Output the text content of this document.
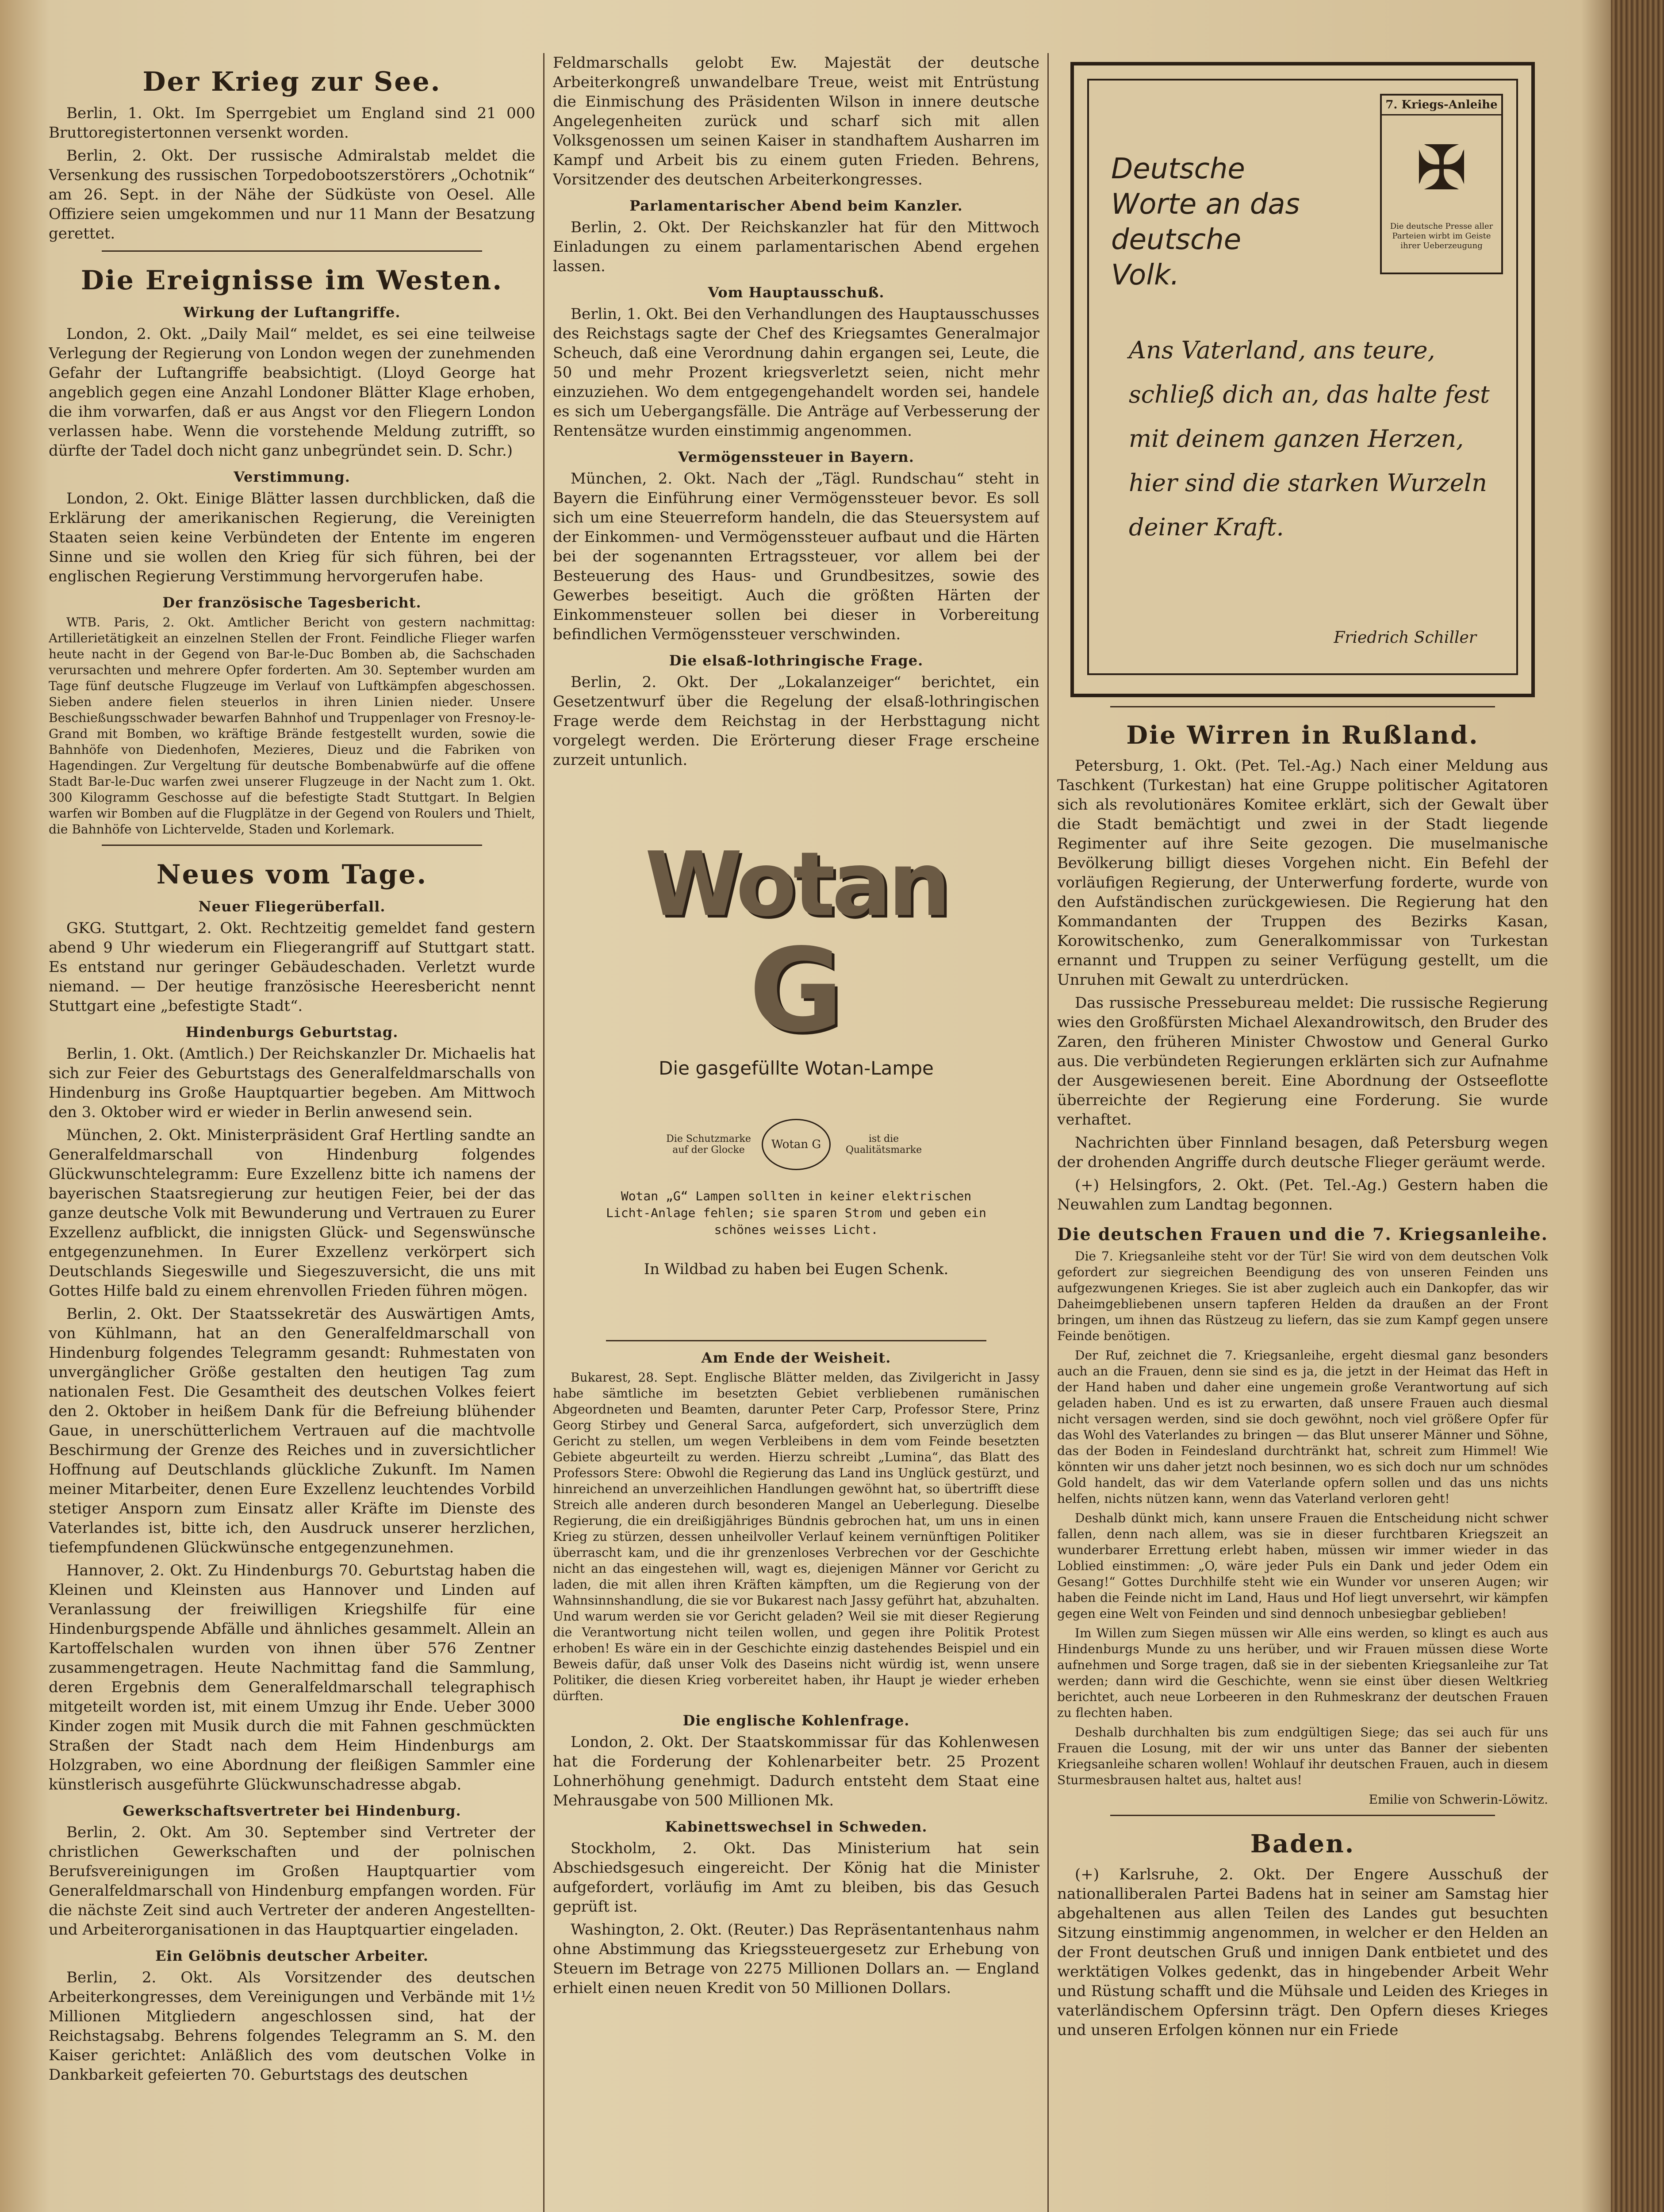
Der Krieg zur See.

Berlin, 1. Okt. Im Sperrgebiet um England sind 21 000 Bruttoregistertonnen versenkt worden.

Berlin, 2. Okt. Der russische Admiralstab meldet die Versenkung des russischen Torpedobootszerstörers „Ochotnik“ am 26. Sept. in der Nähe der Südküste von Oesel. Alle Offiziere seien umgekommen und nur 11 Mann der Besatzung gerettet.

Die Ereignisse im Westen.
Wirkung der Luftangriffe.

London, 2. Okt. „Daily Mail“ meldet, es sei eine teilweise Verlegung der Regierung von London wegen der zunehmenden Gefahr der Luftangriffe beabsichtigt. (Lloyd George hat angeblich gegen eine Anzahl Londoner Blätter Klage erhoben, die ihm vorwarfen, daß er aus Angst vor den Fliegern London verlassen habe. Wenn die vorstehende Meldung zutrifft, so dürfte der Tadel doch nicht ganz unbegründet sein. D. Schr.)

Verstimmung.

London, 2. Okt. Einige Blätter lassen durchblicken, daß die Erklärung der amerikanischen Regierung, die Vereinigten Staaten seien keine Verbündeten der Entente im engeren Sinne und sie wollen den Krieg für sich führen, bei der englischen Regierung Verstimmung hervorgerufen habe.

Der französische Tagesbericht.

WTB. Paris, 2. Okt. Amtlicher Bericht von gestern nachmittag: Artillerietätigkeit an einzelnen Stellen der Front. Feindliche Flieger warfen heute nacht in der Gegend von Bar-le-Duc Bomben ab, die Sachschaden verursachten und mehrere Opfer forderten. Am 30. September wurden am Tage fünf deutsche Flugzeuge im Verlauf von Luftkämpfen abgeschossen. Sieben andere fielen steuerlos in ihren Linien nieder. Unsere Beschießungsschwader bewarfen Bahnhof und Truppenlager von Fresnoy-le-Grand mit Bomben, wo kräftige Brände festgestellt wurden, sowie die Bahnhöfe von Diedenhofen, Mezieres, Dieuz und die Fabriken von Hagendingen. Zur Vergeltung für deutsche Bombenabwürfe auf die offene Stadt Bar-le-Duc warfen zwei unserer Flugzeuge in der Nacht zum 1. Okt. 300 Kilogramm Geschosse auf die befestigte Stadt Stuttgart. In Belgien warfen wir Bomben auf die Flugplätze in der Gegend von Roulers und Thielt, die Bahnhöfe von Lichtervelde, Staden und Korlemark.

Neues vom Tage.
Neuer Fliegerüberfall.

GKG. Stuttgart, 2. Okt. Rechtzeitig gemeldet fand gestern abend 9 Uhr wiederum ein Fliegerangriff auf Stuttgart statt. Es entstand nur geringer Gebäudeschaden. Verletzt wurde niemand. — Der heutige französische Heeresbericht nennt Stuttgart eine „befestigte Stadt“.

Hindenburgs Geburtstag.

Berlin, 1. Okt. (Amtlich.) Der Reichskanzler Dr. Michaelis hat sich zur Feier des Geburtstags des Generalfeldmarschalls von Hindenburg ins Große Hauptquartier begeben. Am Mittwoch den 3. Oktober wird er wieder in Berlin anwesend sein.

München, 2. Okt. Ministerpräsident Graf Hertling sandte an Generalfeldmarschall von Hindenburg folgendes Glückwunschtelegramm: Eure Exzellenz bitte ich namens der bayerischen Staatsregierung zur heutigen Feier, bei der das ganze deutsche Volk mit Bewunderung und Vertrauen zu Eurer Exzellenz aufblickt, die innigsten Glück- und Segenswünsche entgegenzunehmen. In Eurer Exzellenz verkörpert sich Deutschlands Siegeswille und Siegeszuversicht, die uns mit Gottes Hilfe bald zu einem ehrenvollen Frieden führen mögen.

Berlin, 2. Okt. Der Staatssekretär des Auswärtigen Amts, von Kühlmann, hat an den Generalfeldmarschall von Hindenburg folgendes Telegramm gesandt: Ruhmestaten von unvergänglicher Größe gestalten den heutigen Tag zum nationalen Fest. Die Gesamtheit des deutschen Volkes feiert den 2. Oktober in heißem Dank für die Befreiung blühender Gaue, in unerschütterlichem Vertrauen auf die machtvolle Beschirmung der Grenze des Reiches und in zuversichtlicher Hoffnung auf Deutschlands glückliche Zukunft. Im Namen meiner Mitarbeiter, denen Eure Exzellenz leuchtendes Vorbild stetiger Ansporn zum Einsatz aller Kräfte im Dienste des Vaterlandes ist, bitte ich, den Ausdruck unserer herzlichen, tiefempfundenen Glückwünsche entgegenzunehmen.

Hannover, 2. Okt. Zu Hindenburgs 70. Geburtstag haben die Kleinen und Kleinsten aus Hannover und Linden auf Veranlassung der freiwilligen Kriegshilfe für eine Hindenburgspende Abfälle und ähnliches gesammelt. Allein an Kartoffelschalen wurden von ihnen über 576 Zentner zusammengetragen. Heute Nachmittag fand die Sammlung, deren Ergebnis dem Generalfeldmarschall telegraphisch mitgeteilt worden ist, mit einem Umzug ihr Ende. Ueber 3000 Kinder zogen mit Musik durch die mit Fahnen geschmückten Straßen der Stadt nach dem Heim Hindenburgs am Holzgraben, wo eine Abordnung der fleißigen Sammler eine künstlerisch ausgeführte Glückwunschadresse abgab.

Gewerkschaftsvertreter bei Hindenburg.

Berlin, 2. Okt. Am 30. September sind Vertreter der christlichen Gewerkschaften und der polnischen Berufsvereinigungen im Großen Hauptquartier vom Generalfeldmarschall von Hindenburg empfangen worden. Für die nächste Zeit sind auch Vertreter der anderen Angestellten- und Arbeiterorganisationen in das Hauptquartier eingeladen.

Ein Gelöbnis deutscher Arbeiter.

Berlin, 2. Okt. Als Vorsitzender des deutschen Arbeiterkongresses, dem Vereinigungen und Verbände mit 1½ Millionen Mitgliedern angeschlossen sind, hat der Reichstagsabg. Behrens folgendes Telegramm an S. M. den Kaiser gerichtet: Anläßlich des vom deutschen Volke in Dankbarkeit gefeierten 70. Geburtstags des deutschen

Feldmarschalls gelobt Ew. Majestät der deutsche Arbeiterkongreß unwandelbare Treue, weist mit Entrüstung die Einmischung des Präsidenten Wilson in innere deutsche Angelegenheiten zurück und scharf sich mit allen Volksgenossen um seinen Kaiser in standhaftem Ausharren im Kampf und Arbeit bis zu einem guten Frieden. Behrens, Vorsitzender des deutschen Arbeiterkongresses.

Parlamentarischer Abend beim Kanzler.

Berlin, 2. Okt. Der Reichskanzler hat für den Mittwoch Einladungen zu einem parlamentarischen Abend ergehen lassen.

Vom Hauptausschuß.

Berlin, 1. Okt. Bei den Verhandlungen des Hauptausschusses des Reichstags sagte der Chef des Kriegsamtes Generalmajor Scheuch, daß eine Verordnung dahin ergangen sei, Leute, die 50 und mehr Prozent kriegsverletzt seien, nicht mehr einzuziehen. Wo dem entgegengehandelt worden sei, handele es sich um Uebergangsfälle. Die Anträge auf Verbesserung der Rentensätze wurden einstimmig angenommen.

Vermögenssteuer in Bayern.

München, 2. Okt. Nach der „Tägl. Rundschau“ steht in Bayern die Einführung einer Vermögenssteuer bevor. Es soll sich um eine Steuerreform handeln, die das Steuersystem auf der Einkommen- und Vermögenssteuer aufbaut und die Härten bei der sogenannten Ertragssteuer, vor allem bei der Besteuerung des Haus- und Grundbesitzes, sowie des Gewerbes beseitigt. Auch die größten Härten der Einkommensteuer sollen bei dieser in Vorbereitung befindlichen Vermögenssteuer verschwinden.

Die elsaß-lothringische Frage.

Berlin, 2. Okt. Der „Lokalanzeiger“ berichtet, ein Gesetzentwurf über die Regelung der elsaß-lothringischen Frage werde dem Reichstag in der Herbsttagung nicht vorgelegt werden. Die Erörterung dieser Frage erscheine zurzeit untunlich.

Wotan
G
Die gasgefüllte Wotan-Lampe
Die Schutzmarke auf der Glocke	Wotan G	ist die Qualitätsmarke
Wotan „G“ Lampen sollten in keiner elektrischen Licht-Anlage fehlen; sie sparen Strom und geben ein schönes weisses Licht.
In Wildbad zu haben bei Eugen Schenk.
Am Ende der Weisheit.

Bukarest, 28. Sept. Englische Blätter melden, das Zivilgericht in Jassy habe sämtliche im besetzten Gebiet verbliebenen rumänischen Abgeordneten und Beamten, darunter Peter Carp, Professor Stere, Prinz Georg Stirbey und General Sarca, aufgefordert, sich unverzüglich dem Gericht zu stellen, um wegen Verbleibens in dem vom Feinde besetzten Gebiete abgeurteilt zu werden. Hierzu schreibt „Lumina“, das Blatt des Professors Stere: Obwohl die Regierung das Land ins Unglück gestürzt, und hinreichend an unverzeihlichen Handlungen gewöhnt hat, so übertrifft diese Streich alle anderen durch besonderen Mangel an Ueberlegung. Dieselbe Regierung, die ein dreißigjähriges Bündnis gebrochen hat, um uns in einen Krieg zu stürzen, dessen unheilvoller Verlauf keinem vernünftigen Politiker überrascht kam, und die ihr grenzenloses Verbrechen vor der Geschichte nicht an das eingestehen will, wagt es, diejenigen Männer vor Gericht zu laden, die mit allen ihren Kräften kämpften, um die Regierung von der Wahnsinnshandlung, die sie vor Bukarest nach Jassy geführt hat, abzuhalten. Und warum werden sie vor Gericht geladen? Weil sie mit dieser Regierung die Verantwortung nicht teilen wollen, und gegen ihre Politik Protest erhoben! Es wäre ein in der Geschichte einzig dastehendes Beispiel und ein Beweis dafür, daß unser Volk des Daseins nicht würdig ist, wenn unsere Politiker, die diesen Krieg vorbereitet haben, ihr Haupt je wieder erheben dürften.

Die englische Kohlenfrage.

London, 2. Okt. Der Staatskommissar für das Kohlenwesen hat die Forderung der Kohlenarbeiter betr. 25 Prozent Lohnerhöhung genehmigt. Dadurch entsteht dem Staat eine Mehrausgabe von 500 Millionen Mk.

Kabinettswechsel in Schweden.

Stockholm, 2. Okt. Das Ministerium hat sein Abschiedsgesuch eingereicht. Der König hat die Minister aufgefordert, vorläufig im Amt zu bleiben, bis das Gesuch geprüft ist.

Washington, 2. Okt. (Reuter.) Das Repräsentantenhaus nahm ohne Abstimmung das Kriegssteuergesetz zur Erhebung von Steuern im Betrage von 2275 Millionen Dollars an. — England erhielt einen neuen Kredit von 50 Millionen Dollars.

7. Kriegs-Anleihe
✠
Die deutsche Presse aller Parteien wirbt im Geiste ihrer Ueberzeugung
Deutsche Worte an das deutsche Volk.
Ans Vaterland, ans teure, schließ dich an, das halte fest mit deinem ganzen Herzen, hier sind die starken Wurzeln deiner Kraft.
Friedrich Schiller
Die Wirren in Rußland.

Petersburg, 1. Okt. (Pet. Tel.-Ag.) Nach einer Meldung aus Taschkent (Turkestan) hat eine Gruppe politischer Agitatoren sich als revolutionäres Komitee erklärt, sich der Gewalt über die Stadt bemächtigt und zwei in der Stadt liegende Regimenter auf ihre Seite gezogen. Die muselmanische Bevölkerung billigt dieses Vorgehen nicht. Ein Befehl der vorläufigen Regierung, der Unterwerfung forderte, wurde von den Aufständischen zurückgewiesen. Die Regierung hat den Kommandanten der Truppen des Bezirks Kasan, Korowitschenko, zum Generalkommissar von Turkestan ernannt und Truppen zu seiner Verfügung gestellt, um die Unruhen mit Gewalt zu unterdrücken.

Das russische Pressebureau meldet: Die russische Regierung wies den Großfürsten Michael Alexandrowitsch, den Bruder des Zaren, den früheren Minister Chwostow und General Gurko aus. Die verbündeten Regierungen erklärten sich zur Aufnahme der Ausgewiesenen bereit. Eine Abordnung der Ostseeflotte überreichte der Regierung eine Forderung. Sie wurde verhaftet.

Nachrichten über Finnland besagen, daß Petersburg wegen der drohenden Angriffe durch deutsche Flieger geräumt werde.

(+) Helsingfors, 2. Okt. (Pet. Tel.-Ag.) Gestern haben die Neuwahlen zum Landtag begonnen.

Die deutschen Frauen und die 7. Kriegsanleihe.

Die 7. Kriegsanleihe steht vor der Tür! Sie wird von dem deutschen Volk gefordert zur siegreichen Beendigung des von unseren Feinden uns aufgezwungenen Krieges. Sie ist aber zugleich auch ein Dankopfer, das wir Daheimgebliebenen unsern tapferen Helden da draußen an der Front bringen, um ihnen das Rüstzeug zu liefern, das sie zum Kampf gegen unsere Feinde benötigen.

Der Ruf, zeichnet die 7. Kriegsanleihe, ergeht diesmal ganz besonders auch an die Frauen, denn sie sind es ja, die jetzt in der Heimat das Heft in der Hand haben und daher eine ungemein große Verantwortung auf sich geladen haben. Und es ist zu erwarten, daß unsere Frauen auch diesmal nicht versagen werden, sind sie doch gewöhnt, noch viel größere Opfer für das Wohl des Vaterlandes zu bringen — das Blut unserer Männer und Söhne, das der Boden in Feindesland durchtränkt hat, schreit zum Himmel! Wie könnten wir uns daher jetzt noch besinnen, wo es sich doch nur um schnödes Gold handelt, das wir dem Vaterlande opfern sollen und das uns nichts helfen, nichts nützen kann, wenn das Vaterland verloren geht!

Deshalb dünkt mich, kann unsere Frauen die Entscheidung nicht schwer fallen, denn nach allem, was sie in dieser furchtbaren Kriegszeit an wunderbarer Errettung erlebt haben, müssen wir immer wieder in das Loblied einstimmen: „O, wäre jeder Puls ein Dank und jeder Odem ein Gesang!“ Gottes Durchhilfe steht wie ein Wunder vor unseren Augen; wir haben die Feinde nicht im Land, Haus und Hof liegt unversehrt, wir kämpfen gegen eine Welt von Feinden und sind dennoch unbesiegbar geblieben!

Im Willen zum Siegen müssen wir Alle eins werden, so klingt es auch aus Hindenburgs Munde zu uns herüber, und wir Frauen müssen diese Worte aufnehmen und Sorge tragen, daß sie in der siebenten Kriegsanleihe zur Tat werden; dann wird die Geschichte, wenn sie einst über diesen Weltkrieg berichtet, auch neue Lorbeeren in den Ruhmeskranz der deutschen Frauen zu flechten haben.

Deshalb durchhalten bis zum endgültigen Siege; das sei auch für uns Frauen die Losung, mit der wir uns unter das Banner der siebenten Kriegsanleihe scharen wollen! Wohlauf ihr deutschen Frauen, auch in diesem Sturmesbrausen haltet aus, haltet aus!

Emilie von Schwerin-Löwitz.

Baden.

(+) Karlsruhe, 2. Okt. Der Engere Ausschuß der nationalliberalen Partei Badens hat in seiner am Samstag hier abgehaltenen aus allen Teilen des Landes gut besuchten Sitzung einstimmig angenommen, in welcher er den Helden an der Front deutschen Gruß und innigen Dank entbietet und des werktätigen Volkes gedenkt, das in hingebender Arbeit Wehr und Rüstung schafft und die Mühsale und Leiden des Krieges in vaterländischem Opfersinn trägt. Den Opfern dieses Krieges und unseren Erfolgen können nur ein Friede
